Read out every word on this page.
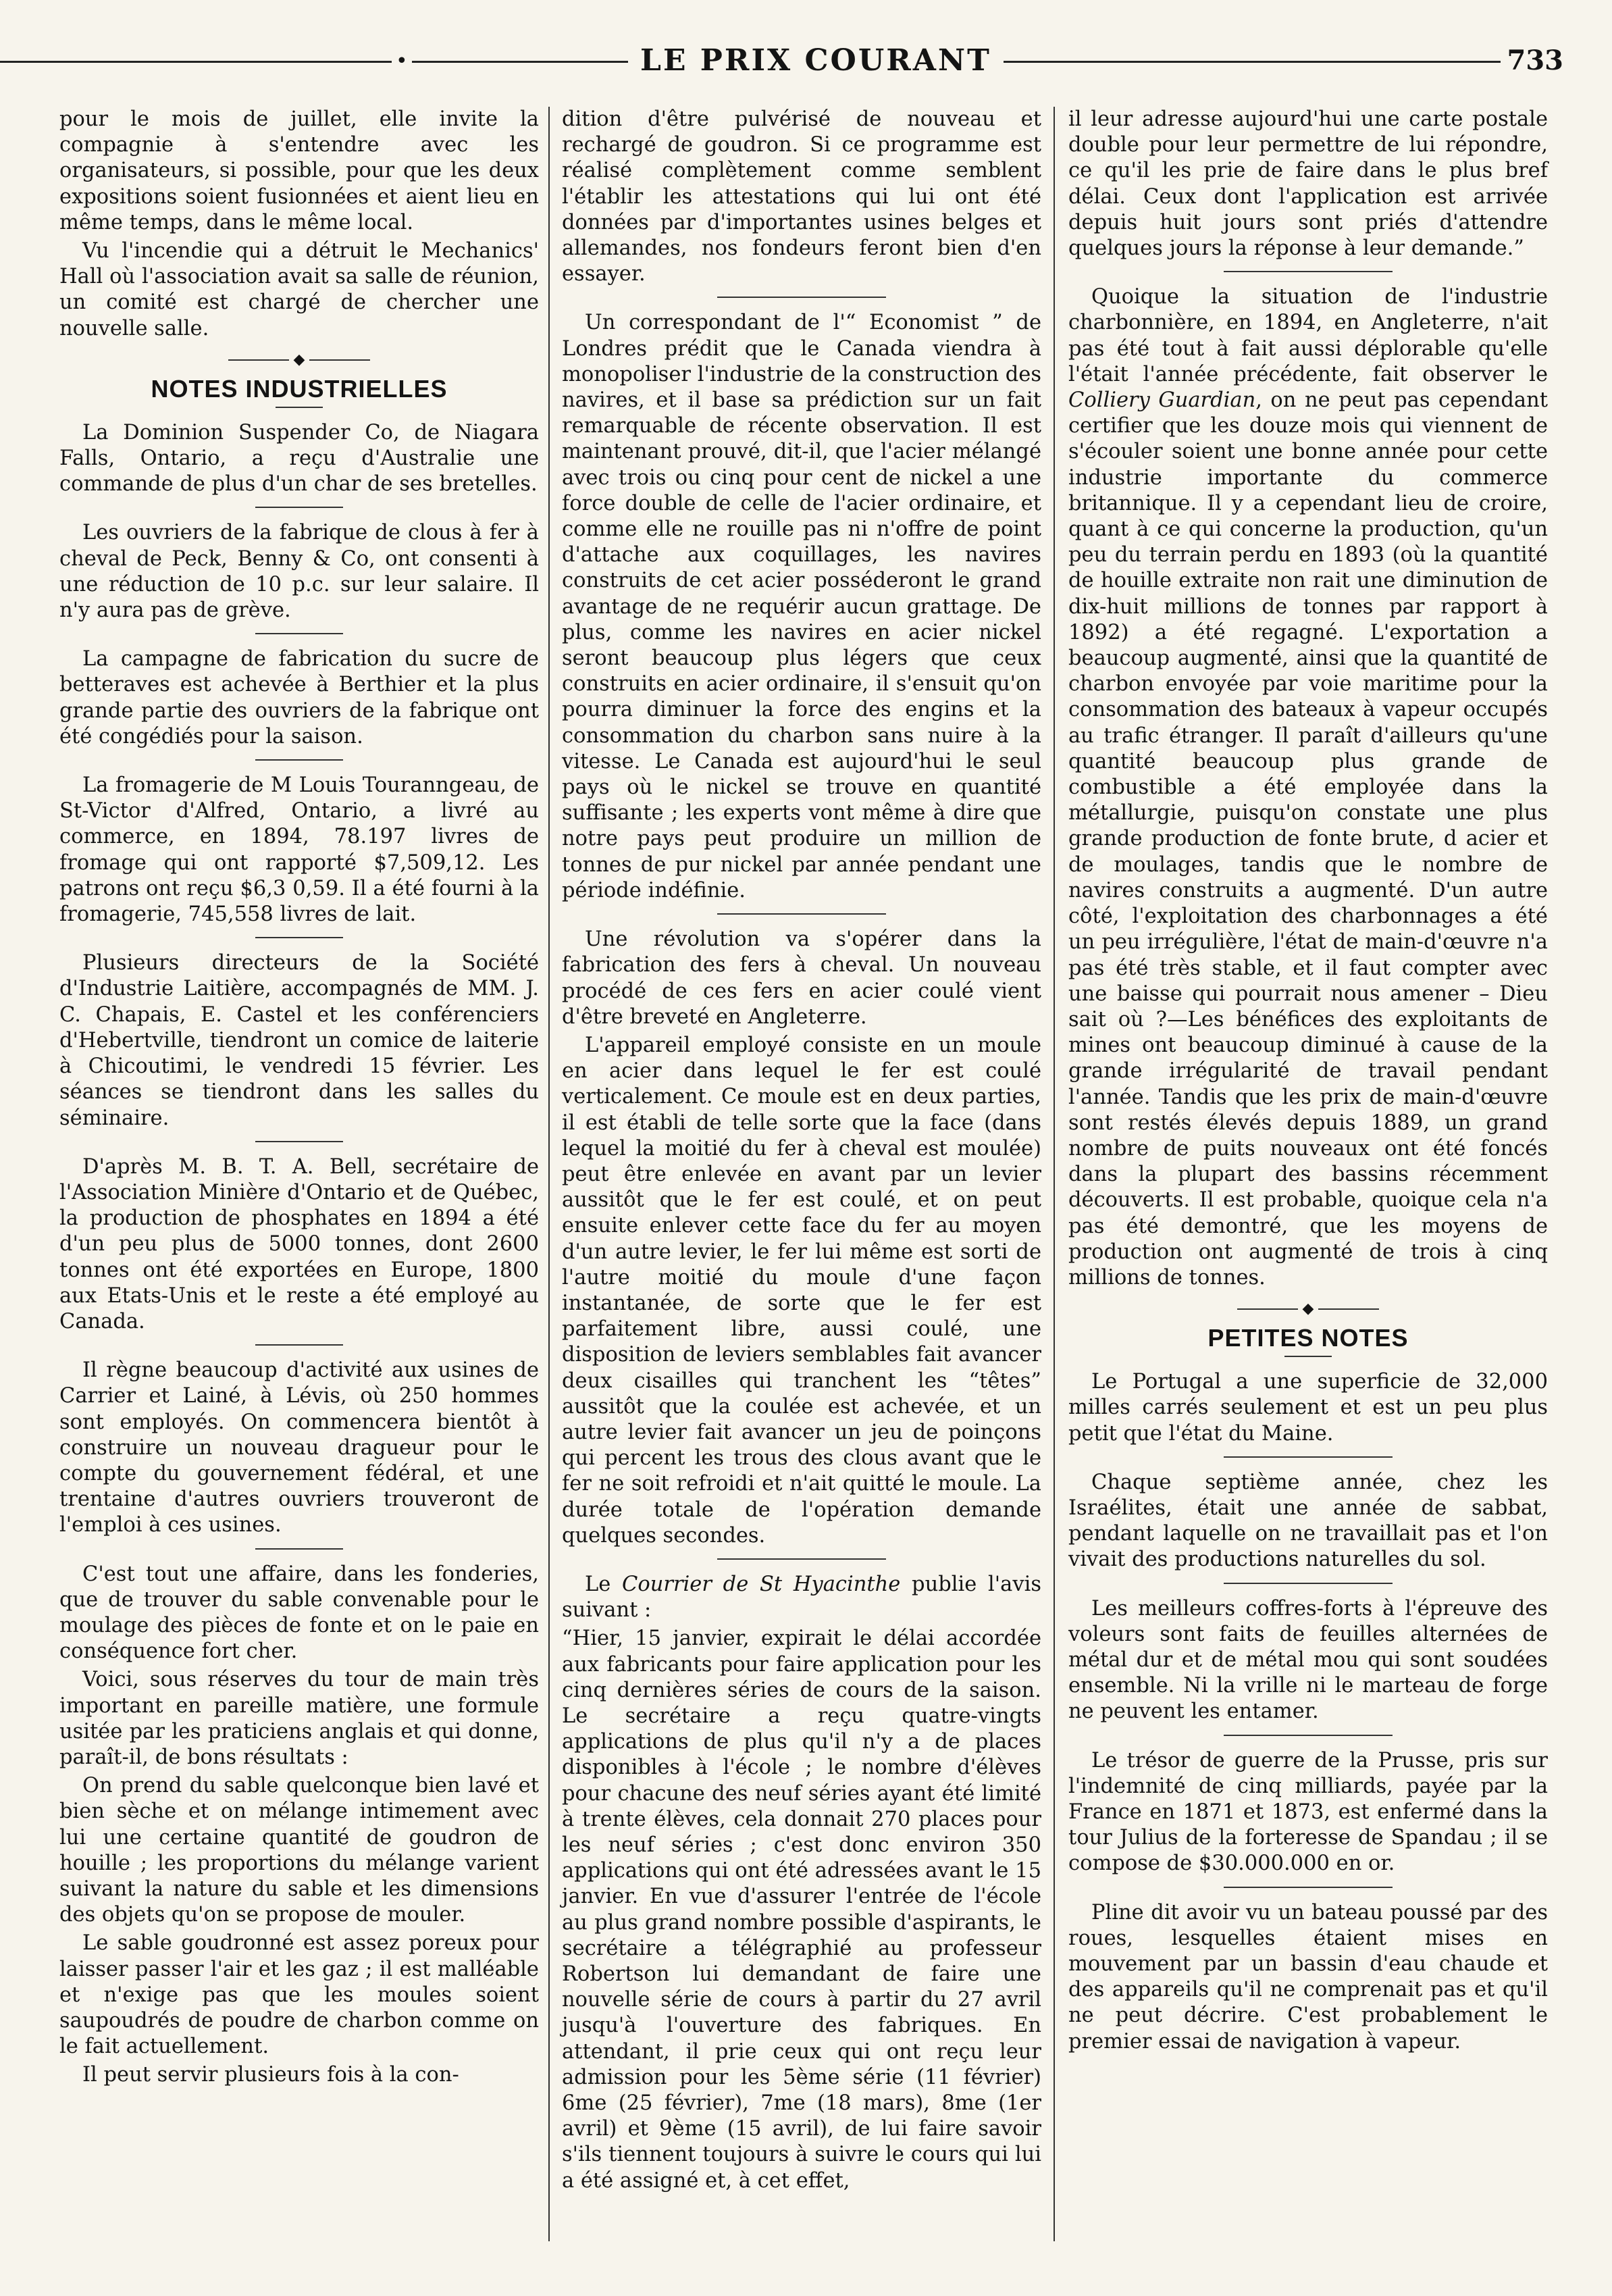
•	LE PRIX COURANT	733

pour le mois de juillet, elle invite la compagnie à s'entendre avec les organisateurs, si possible, pour que les deux expositions soient fusionnées et aient lieu en même temps, dans le même local.

Vu l'incendie qui a détruit le Mechanics' Hall où l'association avait sa salle de réunion, un comité est chargé de chercher une nouvelle salle.

◆
NOTES INDUSTRIELLES

La Dominion Suspender Co, de Niagara Falls, Ontario, a reçu d'Australie une commande de plus d'un char de ses bretelles.

Les ouvriers de la fabrique de clous à fer à cheval de Peck, Benny & Co, ont consenti à une réduction de 10 p.c. sur leur salaire. Il n'y aura pas de grève.

La campagne de fabrication du sucre de betteraves est achevée à Berthier et la plus grande partie des ouvriers de la fabrique ont été congédiés pour la saison.

La fromagerie de M Louis Touranngeau, de St-Victor d'Alfred, Ontario, a livré au commerce, en 1894, 78.197 livres de fromage qui ont rapporté $7,509,12. Les patrons ont reçu $6,3 0,59. Il a été fourni à la fromagerie, 745,558 livres de lait.

Plusieurs directeurs de la Société d'Industrie Laitière, accompagnés de MM. J. C. Chapais, E. Castel et les conférenciers d'Hebertville, tiendront un comice de laiterie à Chicoutimi, le vendredi 15 février. Les séances se tiendront dans les salles du séminaire.

D'après M. B. T. A. Bell, secrétaire de l'Association Minière d'Ontario et de Québec, la production de phosphates en 1894 a été d'un peu plus de 5000 tonnes, dont 2600 tonnes ont été exportées en Europe, 1800 aux Etats-Unis et le reste a été employé au Canada.

Il règne beaucoup d'activité aux usines de Carrier et Lainé, à Lévis, où 250 hommes sont employés. On commencera bientôt à construire un nouveau dragueur pour le compte du gouvernement fédéral, et une trentaine d'autres ouvriers trouveront de l'emploi à ces usines.

C'est tout une affaire, dans les fonderies, que de trouver du sable convenable pour le moulage des pièces de fonte et on le paie en conséquence fort cher.

Voici, sous réserves du tour de main très important en pareille matière, une formule usitée par les praticiens anglais et qui donne, paraît-il, de bons résultats :

On prend du sable quelconque bien lavé et bien sèche et on mélange intimement avec lui une certaine quantité de goudron de houille ; les proportions du mélange varient suivant la nature du sable et les dimensions des objets qu'on se propose de mouler.

Le sable goudronné est assez poreux pour laisser passer l'air et les gaz ; il est malléable et n'exige pas que les moules soient saupoudrés de poudre de charbon comme on le fait actuellement.

Il peut servir plusieurs fois à la con-

dition d'être pulvérisé de nouveau et rechargé de goudron. Si ce programme est réalisé complètement comme semblent l'établir les attestations qui lui ont été données par d'importantes usines belges et allemandes, nos fondeurs feront bien d'en essayer.

Un correspondant de l'“ Economist ” de Londres prédit que le Canada viendra à monopoliser l'industrie de la construction des navires, et il base sa prédiction sur un fait remarquable de récente observation. Il est maintenant prouvé, dit-il, que l'acier mélangé avec trois ou cinq pour cent de nickel a une force double de celle de l'acier ordinaire, et comme elle ne rouille pas ni n'offre de point d'attache aux coquillages, les navires construits de cet acier posséderont le grand avantage de ne requérir aucun grattage. De plus, comme les navires en acier nickel seront beaucoup plus légers que ceux construits en acier ordinaire, il s'ensuit qu'on pourra diminuer la force des engins et la consommation du charbon sans nuire à la vitesse. Le Canada est aujourd'hui le seul pays où le nickel se trouve en quantité suffisante ; les experts vont même à dire que notre pays peut produire un million de tonnes de pur nickel par année pendant une période indéfinie.

Une révolution va s'opérer dans la fabrication des fers à cheval. Un nouveau procédé de ces fers en acier coulé vient d'être breveté en Angleterre.

L'appareil employé consiste en un moule en acier dans lequel le fer est coulé verticalement. Ce moule est en deux parties, il est établi de telle sorte que la face (dans lequel la moitié du fer à cheval est moulée) peut être enlevée en avant par un levier aussitôt que le fer est coulé, et on peut ensuite enlever cette face du fer au moyen d'un autre levier, le fer lui même est sorti de l'autre moitié du moule d'une façon instantanée, de sorte que le fer est parfaitement libre, aussi coulé, une disposition de leviers semblables fait avancer deux cisailles qui tranchent les “têtes” aussitôt que la coulée est achevée, et un autre levier fait avancer un jeu de poinçons qui percent les trous des clous avant que le fer ne soit refroidi et n'ait quitté le moule. La durée totale de l'opération demande quelques secondes.

Le Courrier de St Hyacinthe publie l'avis suivant :

“Hier, 15 janvier, expirait le délai accordée aux fabricants pour faire application pour les cinq dernières séries de cours de la saison. Le secrétaire a reçu quatre-vingts applications de plus qu'il n'y a de places disponibles à l'école ; le nombre d'élèves pour chacune des neuf séries ayant été limité à trente élèves, cela donnait 270 places pour les neuf séries ; c'est donc environ 350 applications qui ont été adressées avant le 15 janvier. En vue d'assurer l'entrée de l'école au plus grand nombre possible d'aspirants, le secrétaire a télégraphié au professeur Robertson lui demandant de faire une nouvelle série de cours à partir du 27 avril jusqu'à l'ouverture des fabriques. En attendant, il prie ceux qui ont reçu leur admission pour les 5ème série (11 février) 6me (25 février), 7me (18 mars), 8me (1er avril) et 9ème (15 avril), de lui faire savoir s'ils tiennent toujours à suivre le cours qui lui a été assigné et, à cet effet,

il leur adresse aujourd'hui une carte postale double pour leur permettre de lui répondre, ce qu'il les prie de faire dans le plus bref délai. Ceux dont l'application est arrivée depuis huit jours sont priés d'attendre quelques jours la réponse à leur demande.”

Quoique la situation de l'industrie charbonnière, en 1894, en Angleterre, n'ait pas été tout à fait aussi déplorable qu'elle l'était l'année précédente, fait observer le Colliery Guardian, on ne peut pas cependant certifier que les douze mois qui viennent de s'écouler soient une bonne année pour cette industrie importante du commerce britannique. Il y a cependant lieu de croire, quant à ce qui concerne la production, qu'un peu du terrain perdu en 1893 (où la quantité de houille extraite non rait une diminution de dix-huit millions de tonnes par rapport à 1892) a été regagné. L'exportation a beaucoup augmenté, ainsi que la quantité de charbon envoyée par voie maritime pour la consommation des bateaux à vapeur occupés au trafic étranger. Il paraît d'ailleurs qu'une quantité beaucoup plus grande de combustible a été employée dans la métallurgie, puisqu'on constate une plus grande production de fonte brute, d acier et de moulages, tandis que le nombre de navires construits a augmenté. D'un autre côté, l'exploitation des charbonnages a été un peu irrégulière, l'état de main-d'œuvre n'a pas été très stable, et il faut compter avec une baisse qui pourrait nous amener – Dieu sait où ?—Les bénéfices des exploitants de mines ont beaucoup diminué à cause de la grande irrégularité de travail pendant l'année. Tandis que les prix de main-d'œuvre sont restés élevés depuis 1889, un grand nombre de puits nouveaux ont été foncés dans la plupart des bassins récemment découverts. Il est probable, quoique cela n'a pas été demontré, que les moyens de production ont augmenté de trois à cinq millions de tonnes.

◆
PETITES NOTES

Le Portugal a une superficie de 32,000 milles carrés seulement et est un peu plus petit que l'état du Maine.

Chaque septième année, chez les Israélites, était une année de sabbat, pendant laquelle on ne travaillait pas et l'on vivait des productions naturelles du sol.

Les meilleurs coffres-forts à l'épreuve des voleurs sont faits de feuilles alternées de métal dur et de métal mou qui sont soudées ensemble. Ni la vrille ni le marteau de forge ne peuvent les entamer.

Le trésor de guerre de la Prusse, pris sur l'indemnité de cinq milliards, payée par la France en 1871 et 1873, est enfermé dans la tour Julius de la forteresse de Spandau ; il se compose de $30.000.000 en or.

Pline dit avoir vu un bateau poussé par des roues, lesquelles étaient mises en mouvement par un bassin d'eau chaude et des appareils qu'il ne comprenait pas et qu'il ne peut décrire. C'est probablement le premier essai de navigation à vapeur.
